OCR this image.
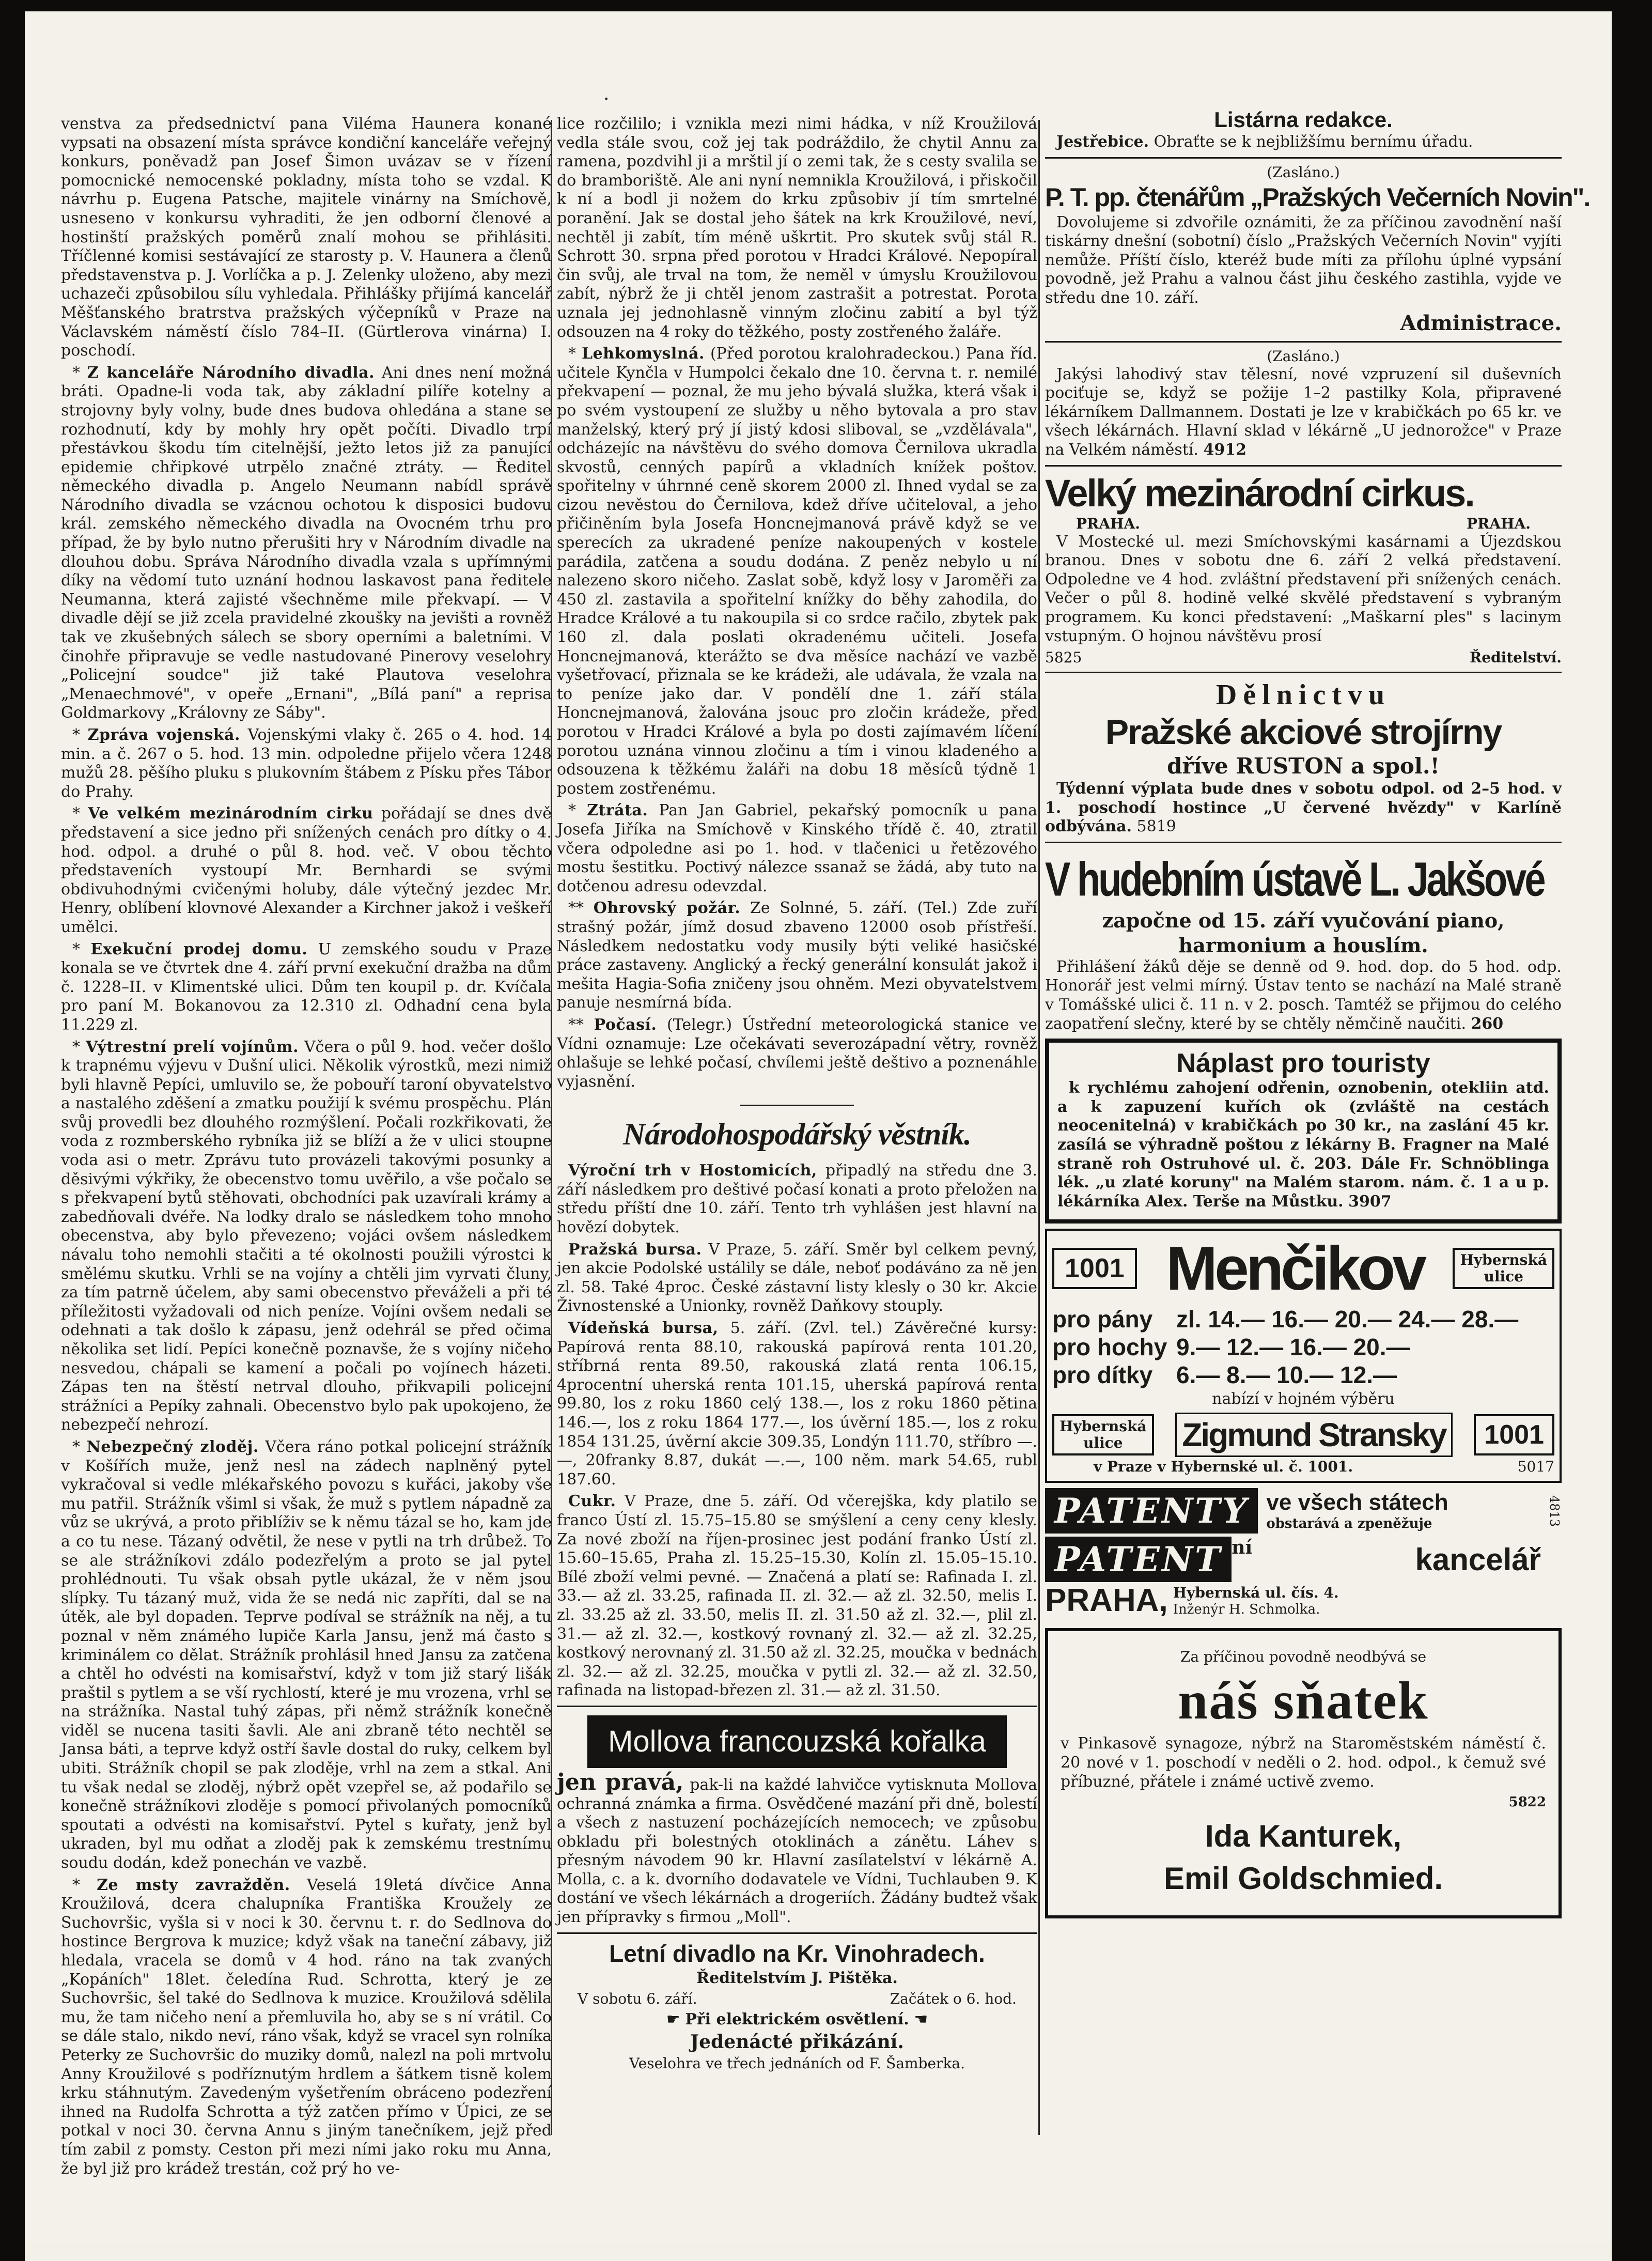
venstva za předsednictví pana Viléma Haunera konané vypsati na obsazení místa správce kondiční kanceláře veřejný konkurs, poněvadž pan Josef Šimon uvázav se v řízení pomocnické nemocenské pokladny, místa toho se vzdal. K návrhu p. Eugena Patsche, majitele vinárny na Smíchově, usneseno v konkursu vyhraditi, že jen odborní členové a hostinští pražských poměrů znalí mohou se přihlásiti. Tříčlenné komisi sestávající ze starosty p. V. Haunera a členů představenstva p. J. Vorlíčka a p. J. Zelenky uloženo, aby mezi uchazeči způsobilou sílu vyhledala. Přihlášky přijímá kancelář Měšťanského bratrstva pražských výčepníků v Praze na Václavském náměstí číslo 784–II. (Gürtlerova vinárna) I. poschodí.

* Z kanceláře Národního divadla. Ani dnes není možná bráti. Opadne-li voda tak, aby základní pilíře kotelny a strojovny byly volny, bude dnes budova ohledána a stane se rozhodnutí, kdy by mohly hry opět počíti. Divadlo trpí přestávkou škodu tím citelnější, ježto letos již za panující epidemie chřipkové utrpělo značné ztráty. — Ředitel německého divadla p. Angelo Neumann nabídl správě Národního divadla se vzácnou ochotou k disposici budovu král. zemského německého divadla na Ovocném trhu pro případ, že by bylo nutno přerušiti hry v Národním divadle na dlouhou dobu. Správa Národního divadla vzala s upřímnými díky na vědomí tuto uznání hodnou laskavost pana ředitele Neumanna, která zajisté všechněme mile překvapí. — V divadle dějí se již zcela pravidelné zkoušky na jevišti a rovněž tak ve zkušebných sálech se sbory operními a baletními. V činohře připravuje se vedle nastudované Pinerovy veselohry „Policejní soudce" již také Plautova veselohra „Menaechmové", v opeře „Ernani", „Bílá paní" a reprisa Goldmarkovy „Královny ze Sáby".

* Zpráva vojenská. Vojenskými vlaky č. 265 o 4. hod. 14 min. a č. 267 o 5. hod. 13 min. odpoledne přijelo včera 1248 mužů 28. pěšího pluku s plukovním štábem z Písku přes Tábor do Prahy.

* Ve velkém mezinárodním cirku pořádají se dnes dvě představení a sice jedno při snížených cenách pro dítky o 4. hod. odpol. a druhé o půl 8. hod. več. V obou těchto představeních vystoupí Mr. Bernhardi se svými obdivuhodnými cvičenými holuby, dále výtečný jezdec Mr. Henry, oblíbení klovnové Alexander a Kirchner jakož i veškeří umělci.

* Exekuční prodej domu. U zemského soudu v Praze konala se ve čtvrtek dne 4. září první exekuční dražba na dům č. 1228–II. v Klimentské ulici. Dům ten koupil p. dr. Kvíčala pro paní M. Bokanovou za 12.310 zl. Odhadní cena byla 11.229 zl.

* Výtrestní prelí vojínům. Včera o půl 9. hod. večer došlo k trapnému výjevu v Dušní ulici. Několik výrostků, mezi nimiž byli hlavně Pepíci, umluvilo se, že pobouří taroní obyvatelstvo a nastalého zděšení a zmatku použijí k svému prospěchu. Plán svůj provedli bez dlouhého rozmýšlení. Počali rozkřikovati, že voda z rozmberského rybníka již se blíží a že v ulici stoupne voda asi o metr. Zprávu tuto provázeli takovými posunky a děsivými výkřiky, že obecenstvo tomu uvěřilo, a vše počalo se s překvapení bytů stěhovati, obchodníci pak uzavírali krámy a zabedňovali dvéře. Na lodky dralo se následkem toho mnoho obecenstva, aby bylo převezeno; vojáci ovšem následkem návalu toho nemohli stačiti a té okolnosti použili výrostci k smělému skutku. Vrhli se na vojíny a chtěli jim vyrvati čluny, za tím patrně účelem, aby sami obecenstvo převáželi a při té příležitosti vyžadovali od nich peníze. Vojíni ovšem nedali se odehnati a tak došlo k zápasu, jenž odehrál se před očima několika set lidí. Pepíci konečně poznavše, že s vojíny ničeho nesvedou, chápali se kamení a počali po vojínech házeti. Zápas ten na štěstí netrval dlouho, přikvapili policejní strážníci a Pepíky zahnali. Obecenstvo bylo pak upokojeno, že nebezpečí nehrozí.

* Nebezpečný zloděj. Včera ráno potkal policejní strážník v Košířích muže, jenž nesl na zádech naplněný pytel vykračoval si vedle mlékařského povozu s kuřáci, jakoby vše mu patřil. Strážník všiml si však, že muž s pytlem nápadně za vůz se ukrývá, a proto přiblíživ se k němu tázal se ho, kam jde a co tu nese. Tázaný odvětil, že nese v pytli na trh drůbež. To se ale strážníkovi zdálo podezřelým a proto se jal pytel prohlédnouti. Tu však obsah pytle ukázal, že v něm jsou slípky. Tu tázaný muž, vida že se nedá nic zapříti, dal se na útěk, ale byl dopaden. Teprve podíval se strážník na něj, a tu poznal v něm známého lupiče Karla Jansu, jenž má často s kriminálem co dělat. Strážník prohlásil hned Jansu za zatčena a chtěl ho odvésti na komisařství, když v tom již starý lišák praštil s pytlem a se vší rychlostí, které je mu vrozena, vrhl se na strážníka. Nastal tuhý zápas, při němž strážník konečně viděl se nucena tasiti šavli. Ale ani zbraně této nechtěl se Jansa báti, a teprve když ostří šavle dostal do ruky, celkem byl ubiti. Strážník chopil se pak zloděje, vrhl na zem a stkal. Ani tu však nedal se zloděj, nýbrž opět vzepřel se, až podařilo se konečně strážníkovi zloděje s pomocí přivolaných pomocníků spoutati a odvésti na komisařství. Pytel s kuřaty, jenž byl ukraden, byl mu odňat a zloděj pak k zemskému trestnímu soudu dodán, kdež ponechán ve vazbě.

* Ze msty zavražděn. Veselá 19letá dívčice Anna Kroužilová, dcera chalupníka Františka Kroužely ze Suchovršic, vyšla si v noci k 30. červnu t. r. do Sedlnova do hostince Bergrova k muzice; když však na taneční zábavy, již hledala, vracela se domů v 4 hod. ráno na tak zvaných „Kopáních" 18let. čeledína Rud. Schrotta, který je ze Suchovršic, šel také do Sedlnova k muzice. Kroužilová sdělila mu, že tam ničeho není a přemluvila ho, aby se s ní vrátil. Co se dále stalo, nikdo neví, ráno však, když se vracel syn rolníka Peterky ze Suchovršic do muziky domů, nalezl na poli mrtvolu Anny Kroužilové s podříznutým hrdlem a šátkem tisně kolem krku stáhnutým. Zavedeným vyšetřením obráceno podezření ihned na Rudolfa Schrotta a týž zatčen přímo v Úpici, ze se potkal v noci 30. června Annu s jiným tanečníkem, jejž před tím zabil z pomsty. Ceston při mezi ními jako roku mu Anna, že byl již pro krádež trestán, což prý ho ve-

lice rozčililo; i vznikla mezi nimi hádka, v níž Kroužilová vedla stále svou, což jej tak podráždilo, že chytil Annu za ramena, pozdvihl ji a mrštil jí o zemi tak, že s cesty svalila se do bramboriště. Ale ani nyní nemnikla Kroužilová, i přiskočil k ní a bodl ji nožem do krku způsobiv jí tím smrtelné poranění. Jak se dostal jeho šátek na krk Kroužilové, neví, nechtěl ji zabít, tím méně uškrtit. Pro skutek svůj stál R. Schrott 30. srpna před porotou v Hradci Králové. Nepopíral čin svůj, ale trval na tom, že neměl v úmyslu Kroužilovou zabít, nýbrž že ji chtěl jenom zastrašit a potrestat. Porota uznala jej jednohlasně vinným zločinu zabití a byl týž odsouzen na 4 roky do těžkého, posty zostřeného žaláře.

* Lehkomyslná. (Před porotou kralohradeckou.) Pana říd. učitele Kynčla v Humpolci čekalo dne 10. června t. r. nemilé překvapení — poznal, že mu jeho bývalá služka, která však i po svém vystoupení ze služby u něho bytovala a pro stav manželský, který prý jí jistý kdosi sliboval, se „vzdělávala", odcházejíc na návštěvu do svého domova Černilova ukradla skvostů, cenných papírů a vkladních knížek poštov. spořitelny v úhrnné ceně skorem 2000 zl. Ihned vydal se za cizou nevěstou do Černilova, kdež dříve učiteloval, a jeho přičiněním byla Josefa Honcnejmanová právě když se ve sperecích za ukradené peníze nakoupených v kostele parádila, zatčena a soudu dodána. Z peněz nebylo u ní nalezeno skoro ničeho. Zaslat sobě, když losy v Jaroměři za 450 zl. zastavila a spořitelní knížky do běhy zahodila, do Hradce Králové a tu nakoupila si co srdce račilo, zbytek pak 160 zl. dala poslati okradenému učiteli. Josefa Honcnejmanová, kterážto se dva měsíce nachází ve vazbě vyšetřovací, přiznala se ke krádeži, ale udávala, že vzala na to peníze jako dar. V pondělí dne 1. září stála Honcnejmanová, žalována jsouc pro zločin krádeže, před porotou v Hradci Králové a byla po dosti zajímavém líčení porotou uznána vinnou zločinu a tím i vinou kladeného a odsouzena k těžkému žaláři na dobu 18 měsíců týdně 1 postem zostřenému.

* Ztráta. Pan Jan Gabriel, pekařský pomocník u pana Josefa Jiříka na Smíchově v Kinského třídě č. 40, ztratil včera odpoledne asi po 1. hod. v tlačenici u řetězového mostu šestitku. Poctivý nálezce ssanaž se žádá, aby tuto na dotčenou adresu odevzdal.

** Ohrovský požár. Ze Solnné, 5. září. (Tel.) Zde zuří strašný požár, jímž dosud zbaveno 12000 osob přístřeší. Následkem nedostatku vody musily býti veliké hasičské práce zastaveny. Anglický a řecký generální konsulát jakož i mešita Hagia-Sofia zničeny jsou ohněm. Mezi obyvatelstvem panuje nesmírná bída.

** Počasí. (Telegr.) Ústřední meteorologická stanice ve Vídni oznamuje: Lze očekávati severozápadní větry, rovněž ohlašuje se lehké počasí, chvílemi ještě deštivo a poznenáhle vyjasnění.

Národohospodářský věstník.

Výroční trh v Hostomicích, připadlý na středu dne 3. září následkem pro deštivé počasí konati a proto přeložen na středu příští dne 10. září. Tento trh vyhlášen jest hlavní na hovězí dobytek.

Pražská bursa. V Praze, 5. září. Směr byl celkem pevný, jen akcie Podolské ustálily se dále, neboť podáváno za ně jen zl. 58. Také 4proc. České zástavní listy klesly o 30 kr. Akcie Živnostenské a Unionky, rovněž Daňkovy stouply.

Vídeňská bursa, 5. září. (Zvl. tel.) Závěrečné kursy: Papírová renta 88.10, rakouská papírová renta 101.20, stříbrná renta 89.50, rakouská zlatá renta 106.15, 4procentní uherská renta 101.15, uherská papírová renta 99.80, los z roku 1860 celý 138.—, los z roku 1860 pětina 146.—, los z roku 1864 177.—, los úvěrní 185.—, los z roku 1854 131.25, úvěrní akcie 309.35, Londýn 111.70, stříbro —.—, 20franky 8.87, dukát —.—, 100 něm. mark 54.65, rubl 187.60.

Cukr. V Praze, dne 5. září. Od včerejška, kdy platilo se franco Ústí zl. 15.75–15.80 se smýšlení a ceny ceny klesly. Za nové zboží na říjen-prosinec jest podání franko Ústí zl. 15.60–15.65, Praha zl. 15.25–15.30, Kolín zl. 15.05–15.10. Bílé zboží velmi pevné. — Značená a platí se: Rafinada I. zl. 33.— až zl. 33.25, rafinada II. zl. 32.— až zl. 32.50, melis I. zl. 33.25 až zl. 33.50, melis II. zl. 31.50 až zl. 32.—, plil zl. 31.— až zl. 32.—, kostkový rovnaný zl. 32.— až zl. 32.25, kostkový nerovnaný zl. 31.50 až zl. 32.25, moučka v bednách zl. 32.— až zl. 32.25, moučka v pytli zl. 32.— až zl. 32.50, rafinada na listopad-březen zl. 31.— až zl. 31.50.

Mollova francouzská kořalka

jen pravá, pak-li na každé lahvičce vytisknuta Mollova ochranná známka a firma. Osvědčené mazání při dně, bolestí a všech z nastuzení pocházejících nemocech; ve způsobu obkladu při bolestných otoklinách a zánětu. Láhev s přesným návodem 90 kr. Hlavní zasílatelství v lékárně A. Molla, c. a k. dvorního dodavatele ve Vídni, Tuchlauben 9. K dostání ve všech lékárnách a drogeriích. Žádány budtež však jen přípravky s firmou „Moll".

Letní divadlo na Kr. Vinohradech.
Ředitelstvím J. Pištěka.
V sobotu 6. září.	Začátek o 6. hod.
☛ Při elektrickém osvětlení. ☚
Jedenácté přikázání.
Veselohra ve třech jednáních od F. Šamberka.
Listárna redakce.

Jestřebice. Obraťte se k nejbližšímu bernímu úřadu.

(Zasláno.)
P. T. pp. čtenářům „Pražských Večerních Novin".

Dovolujeme si zdvořile oznámiti, že za příčinou zavodnění naší tiskárny dnešní (sobotní) číslo „Pražských Večerních Novin" vyjíti nemůže. Příští číslo, kteréž bude míti za přílohu úplné vypsání povodně, jež Prahu a valnou část jihu českého zastihla, vyjde ve středu dne 10. září.

Administrace.
(Zasláno.)

Jakýsi lahodivý stav tělesní, nové vzpruzení sil duševních pociťuje se, když se požije 1–2 pastilky Kola, připravené lékárníkem Dallmannem. Dostati je lze v krabičkách po 65 kr. ve všech lékárnách. Hlavní sklad v lékárně „U jednorožce" v Praze na Velkém náměstí. 4912

Velký mezinárodní cirkus.
PRAHA.	PRAHA.

V Mostecké ul. mezi Smíchovskými kasárnami a Újezdskou branou. Dnes v sobotu dne 6. září 2 velká představení. Odpoledne ve 4 hod. zvláštní představení při snížených cenách. Večer o půl 8. hodině velké skvělé představení s vybraným programem. Ku konci představení: „Maškarní ples" s lacinym vstupným. O hojnou návštěvu prosí

5825	Ředitelství.
Dělnictvu
Pražské akciové strojírny
dříve RUSTON a spol.!

Týdenní výplata bude dnes v sobotu odpol. od 2–5 hod. v 1. poschodí hostince „U červené hvězdy" v Karlíně odbývána. 5819

V hudebním ústavě L. Jakšové
započne od 15. září vyučování piano,
harmonium a houslím.

Přihlášení žáků děje se denně od 9. hod. dop. do 5 hod. odp. Honorář jest velmi mírný. Ústav tento se nachází na Malé straně v Tomášské ulici č. 11 n. v 2. posch. Tamtéž se přijmou do celého zaopatření slečny, které by se chtěly němčině naučiti. 260

Náplast pro touristy

k rychlému zahojení odřenin, oznobenin, otekliin atd. a k zapuzení kuřích ok (zvláště na cestách neocenitelná) v krabičkách po 30 kr., na zaslání 45 kr. zasílá se výhradně poštou z lékárny B. Fragner na Malé straně roh Ostruhové ul. č. 203. Dále Fr. Schnöblinga lék. „u zlaté koruny" na Malém starom. nám. č. 1 a u p. lékárníka Alex. Terše na Můstku. 3907

1001 Menčikov	Hybernská
ulice
pro pány zl. 14.— 16.— 20.— 24.— 28.—
pro hochy 9.— 12.— 16.— 20.—
pro dítky 6.— 8.— 10.— 12.—
nabízí v hojném výběru
Hybernská
ulice	Zigmund Stransky	1001
v Praze v Hybernské ul. č. 1001.	5017
PATENTY ve všech státech
obstarává a zpeněžuje	4813
PATENT ní	kancelář
PRAHA, Hybernská ul. čís. 4.
Inženýr H. Schmolka.
Za příčinou povodně neodbývá se
náš sňatek

v Pinkasově synagoze, nýbrž na Staroměstském náměstí č. 20 nové v 1. poschodí v neděli o 2. hod. odpol., k čemuž své příbuzné, přátele i známé uctivě zvemo.

5822
Ida Kanturek,
Emil Goldschmied.
·
